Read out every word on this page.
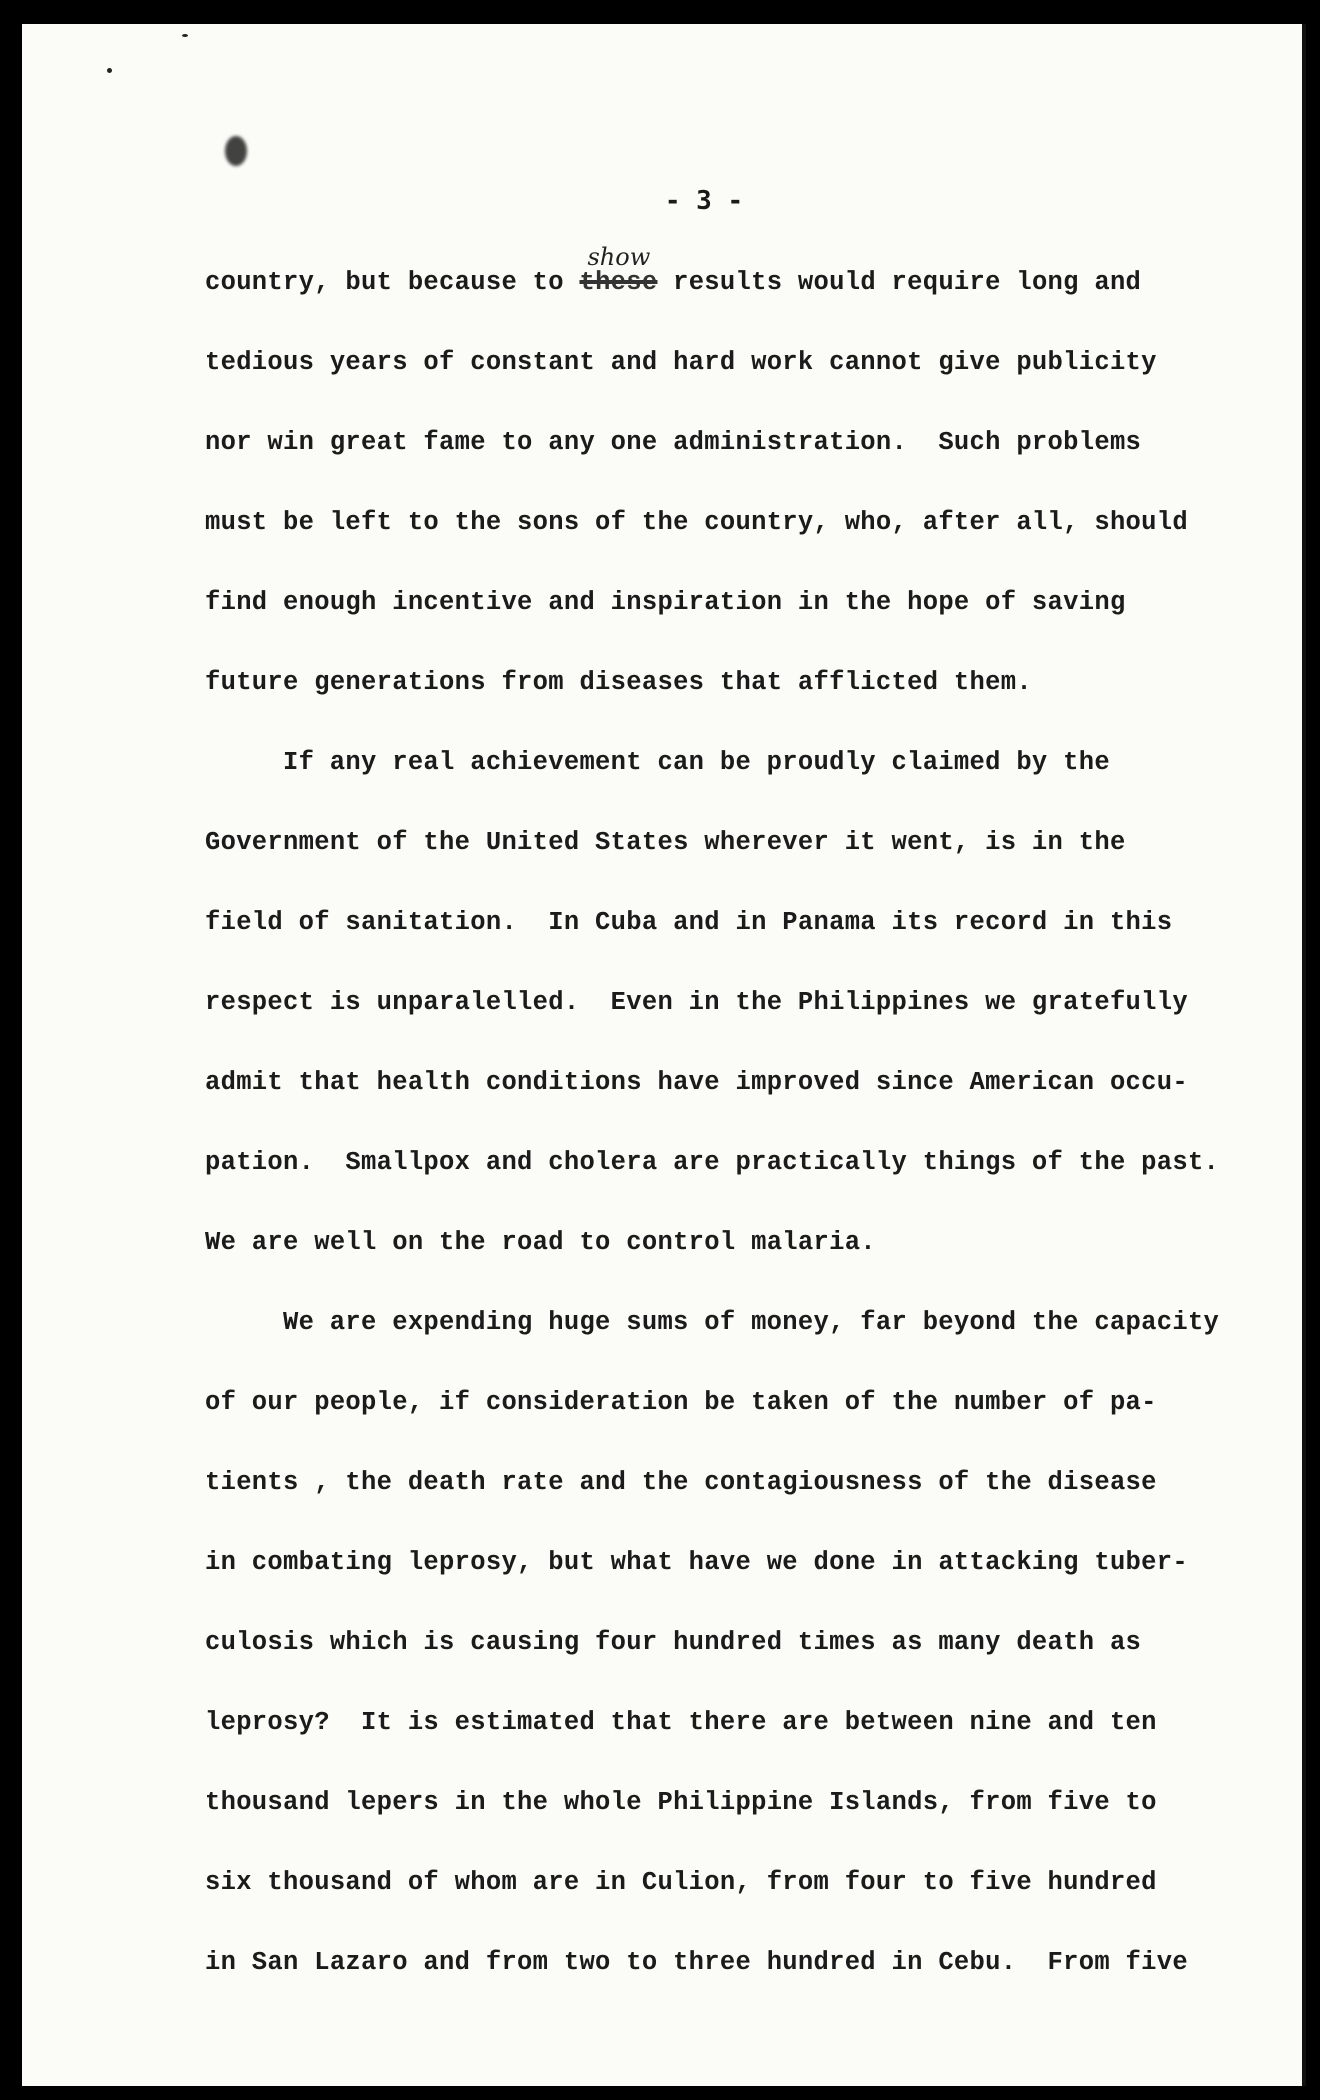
- 3 -
country, but because to
show
these results would require long and
tedious years of constant and hard work cannot give publicity
nor win great fame to any one administration.  Such problems
must be left to the sons of the country, who, after all, should
find enough incentive and inspiration in the hope of saving
future generations from diseases that afflicted them.
If any real achievement can be proudly claimed by the
Government of the United States wherever it went, is in the
field of sanitation.  In Cuba and in Panama its record in this
respect is unparalelled.  Even in the Philippines we gratefully
admit that health conditions have improved since American occu-
pation.  Smallpox and cholera are practically things of the past.
We are well on the road to control malaria.
We are expending huge sums of money, far beyond the capacity
of our people, if consideration be taken of the number of pa-
tients , the death rate and the contagiousness of the disease
in combating leprosy, but what have we done in attacking tuber-
culosis which is causing four hundred times as many death as
leprosy?  It is estimated that there are between nine and ten
thousand lepers in the whole Philippine Islands, from five to
six thousand of whom are in Culion, from four to five hundred
in San Lazaro and from two to three hundred in Cebu.  From five
